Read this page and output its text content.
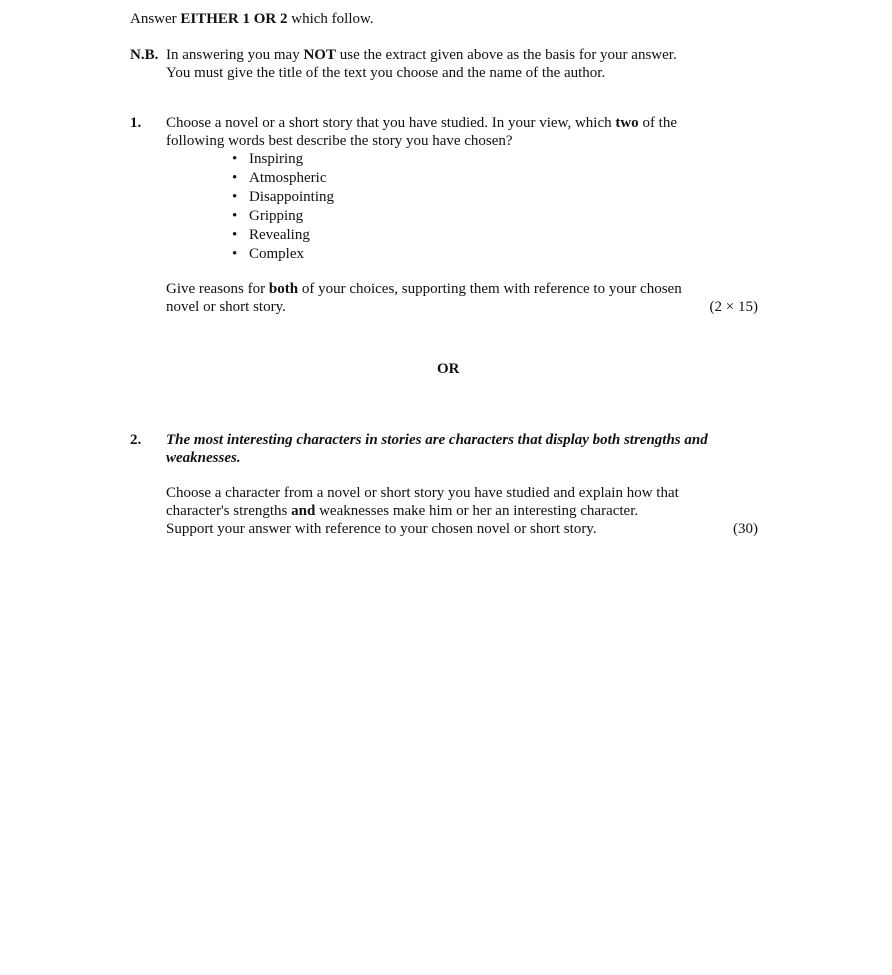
Answer EITHER 1 OR 2 which follow.
N.B. In answering you may NOT use the extract given above as the basis for your answer.
You must give the title of the text you choose and the name of the author.
1. Choose a novel or a short story that you have studied. In your view, which two of the
following words best describe the story you have chosen?
• Inspiring
• Atmospheric
• Disappointing
• Gripping
• Revealing
• Complex
Give reasons for both of your choices, supporting them with reference to your chosen
novel or short story.	(2 × 15)
OR
2. The most interesting characters in stories are characters that display both strengths and
weaknesses.
Choose a character from a novel or short story you have studied and explain how that
character's strengths and weaknesses make him or her an interesting character.
Support your answer with reference to your chosen novel or short story.	(30)
